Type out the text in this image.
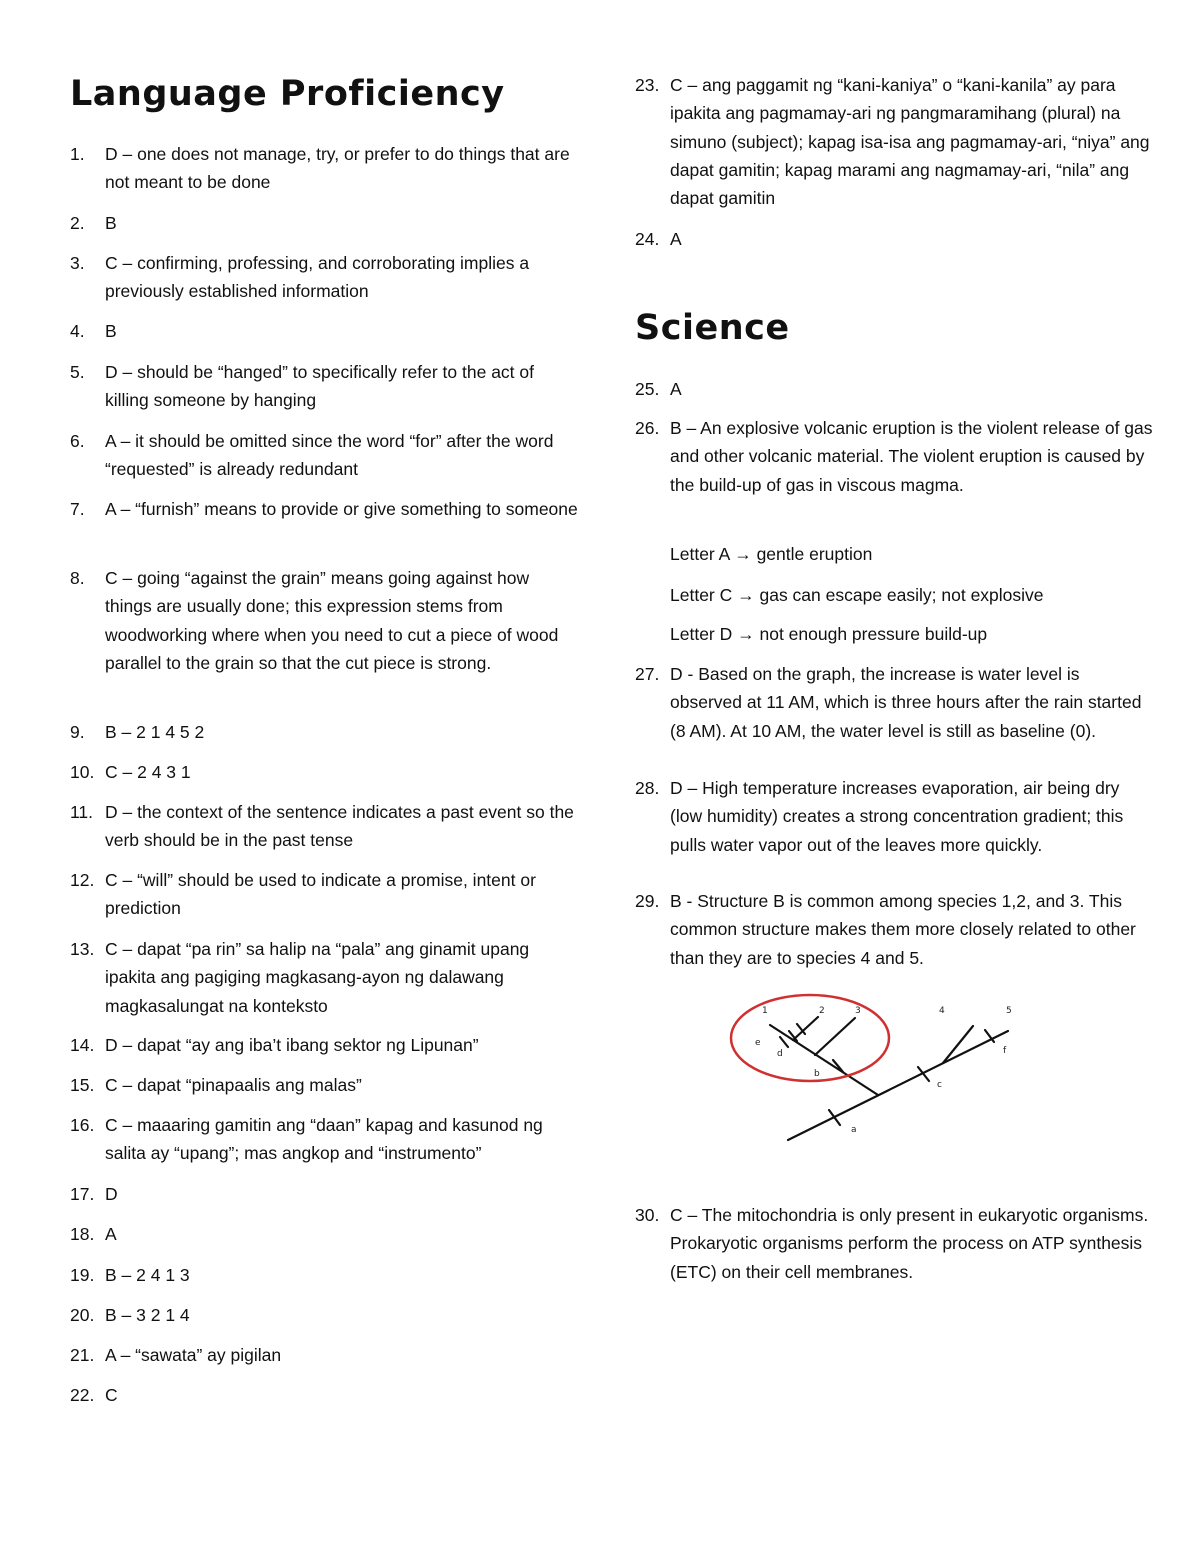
Language Proficiency
1.	D – one does not manage, try, or prefer to do things that are not meant to be done
2.	B
3.	C – confirming, professing, and corroborating implies a previously established information
4.	B
5.	D – should be “hanged” to specifically refer to the act of killing someone by hanging
6.	A – it should be omitted since the word “for” after the word “requested” is already redundant
7.	A – “furnish” means to provide or give something to someone
8.	C – going “against the grain” means going against how things are usually done; this expression stems from woodworking where when you need to cut a piece of wood parallel to the grain so that the cut piece is strong.
9.	B – 2 1 4 5 2
10. C – 2 4 3 1
11. D – the context of the sentence indicates a past event so the verb should be in the past tense
12. C – “will” should be used to indicate a promise, intent or prediction
13. C – dapat “pa rin” sa halip na “pala” ang ginamit upang ipakita ang pagiging magkasang-ayon ng dalawang magkasalungat na konteksto
14. D – dapat “ay ang iba’t ibang sektor ng Lipunan”
15. C – dapat “pinapaalis ang malas”
16. C – maaaring gamitin ang “daan” kapag and kasunod ng salita ay “upang”; mas angkop and “instrumento”
17. D
18. A
19. B – 2 4 1 3
20. B – 3 2 1 4
21. A – “sawata” ay pigilan
22. C
23. C – ang paggamit ng “kani-kaniya” o “kani-kanila” ay para ipakita ang pagmamay-ari ng pangmaramihang (plural) na simuno (subject); kapag isa-isa ang pagmamay-ari, “niya” ang dapat gamitin; kapag marami ang nagmamay-ari, “nila” ang dapat gamitin
24. A
Science
25. A
26. B – An explosive volcanic eruption is the violent release of gas and other volcanic material. The violent eruption is caused by the build-up of gas in viscous magma.
Letter A → gentle eruption
Letter C → gas can escape easily; not explosive
Letter D → not enough pressure build-up
27. D - Based on the graph, the increase is water level is observed at 11 AM, which is three hours after the rain started (8 AM). At 10 AM, the water level is still as baseline (0).
28. D – High temperature increases evaporation, air being dry (low humidity) creates a strong concentration gradient; this pulls water vapor out of the leaves more quickly.
29. B - Structure B is common among species 1,2, and 3. This common structure makes them more closely related to other than they are to species 4 and 5.
30. C – The mitochondria is only present in eukaryotic organisms. Prokaryotic organisms perform the process on ATP synthesis (ETC) on their cell membranes.
1	2	3	4	5
a
b
c
d
e
f
